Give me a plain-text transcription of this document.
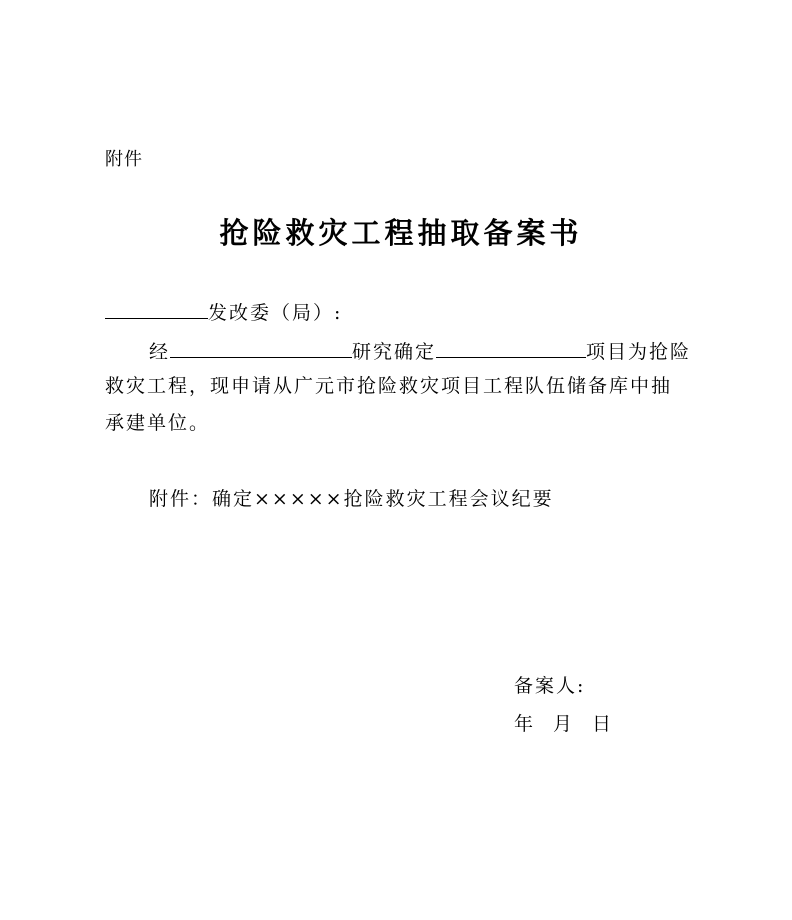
附件
抢险救灾工程抽取备案书
发改委（局）:
经	研究确定	项目为抢险
救灾工程，现申请从广元市抢险救灾项目工程队伍储备库中抽
承建单位。
附件：确定×××××抢险救灾工程会议纪要
备案人:
年 月 日
